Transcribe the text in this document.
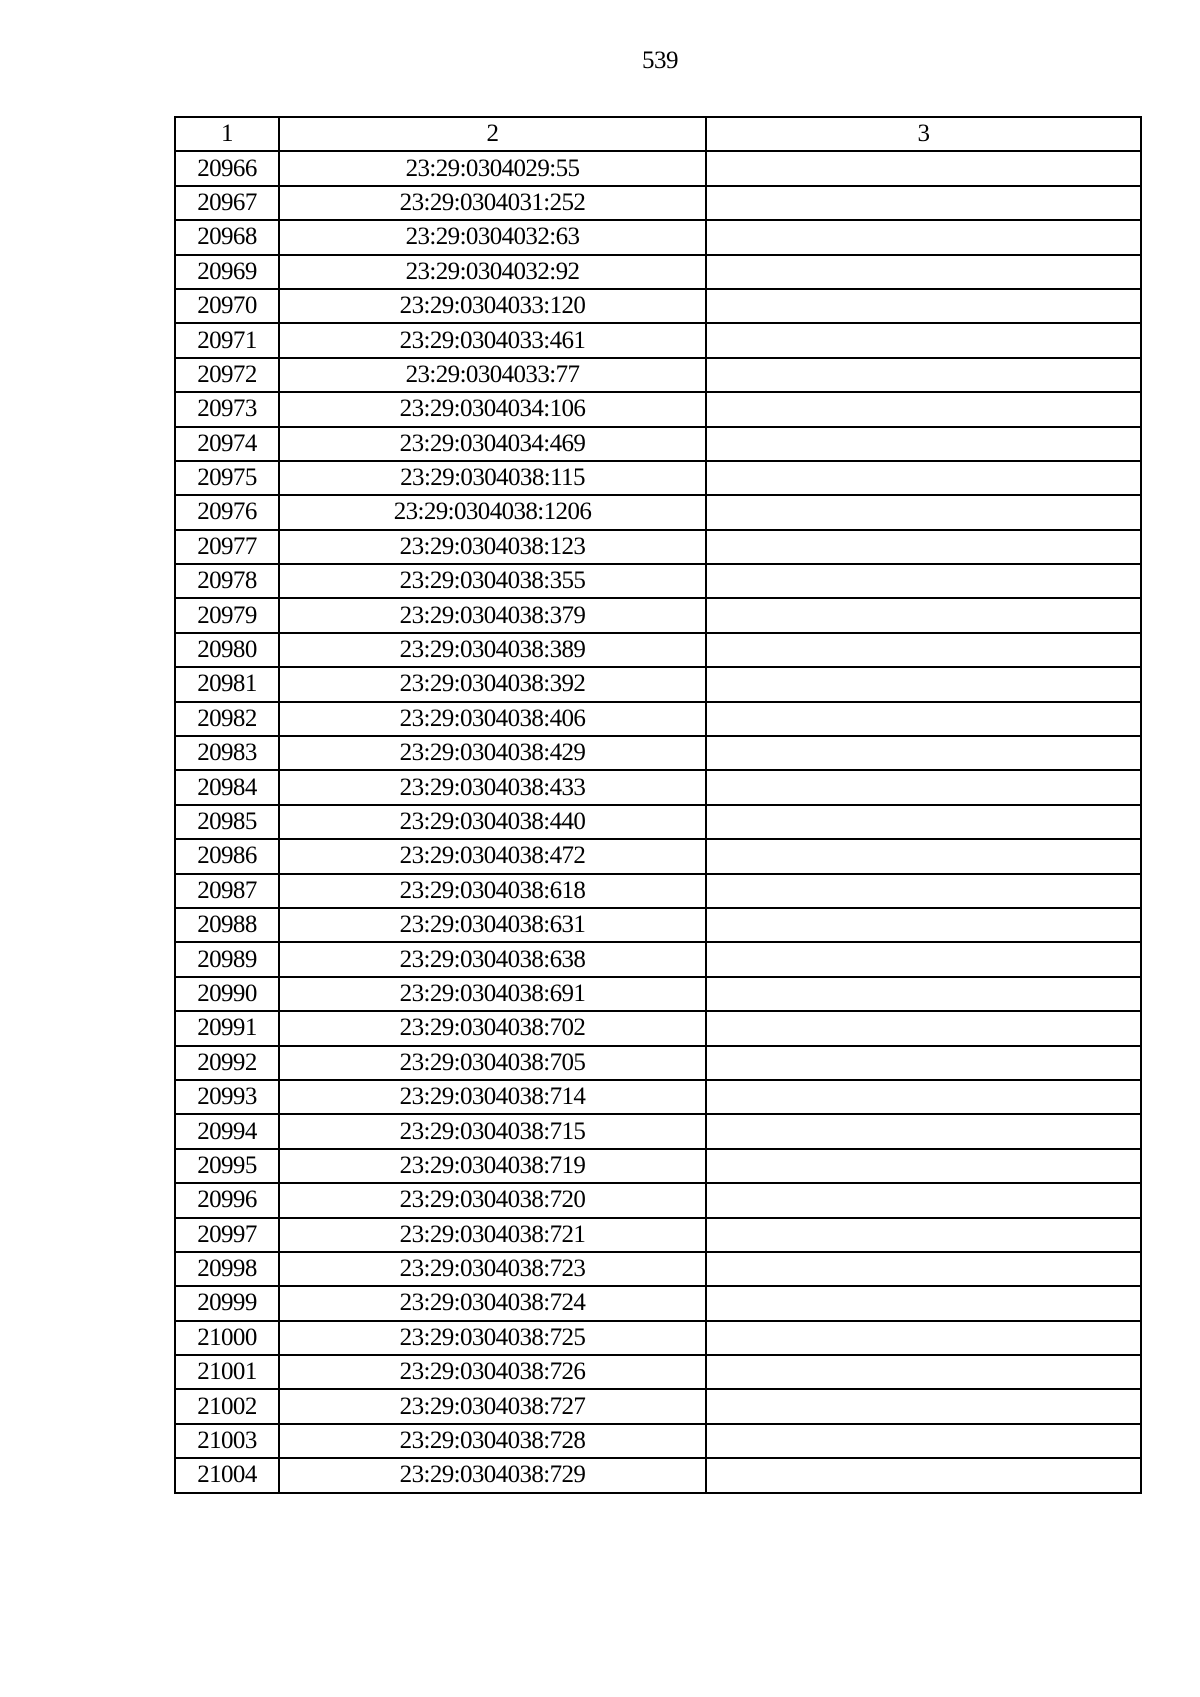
539
1	2	3
20966	23:29:0304029:55	
20967	23:29:0304031:252	
20968	23:29:0304032:63	
20969	23:29:0304032:92	
20970	23:29:0304033:120	
20971	23:29:0304033:461	
20972	23:29:0304033:77	
20973	23:29:0304034:106	
20974	23:29:0304034:469	
20975	23:29:0304038:115	
20976	23:29:0304038:1206	
20977	23:29:0304038:123	
20978	23:29:0304038:355	
20979	23:29:0304038:379	
20980	23:29:0304038:389	
20981	23:29:0304038:392	
20982	23:29:0304038:406	
20983	23:29:0304038:429	
20984	23:29:0304038:433	
20985	23:29:0304038:440	
20986	23:29:0304038:472	
20987	23:29:0304038:618	
20988	23:29:0304038:631	
20989	23:29:0304038:638	
20990	23:29:0304038:691	
20991	23:29:0304038:702	
20992	23:29:0304038:705	
20993	23:29:0304038:714	
20994	23:29:0304038:715	
20995	23:29:0304038:719	
20996	23:29:0304038:720	
20997	23:29:0304038:721	
20998	23:29:0304038:723	
20999	23:29:0304038:724	
21000	23:29:0304038:725	
21001	23:29:0304038:726	
21002	23:29:0304038:727	
21003	23:29:0304038:728	
21004	23:29:0304038:729	
